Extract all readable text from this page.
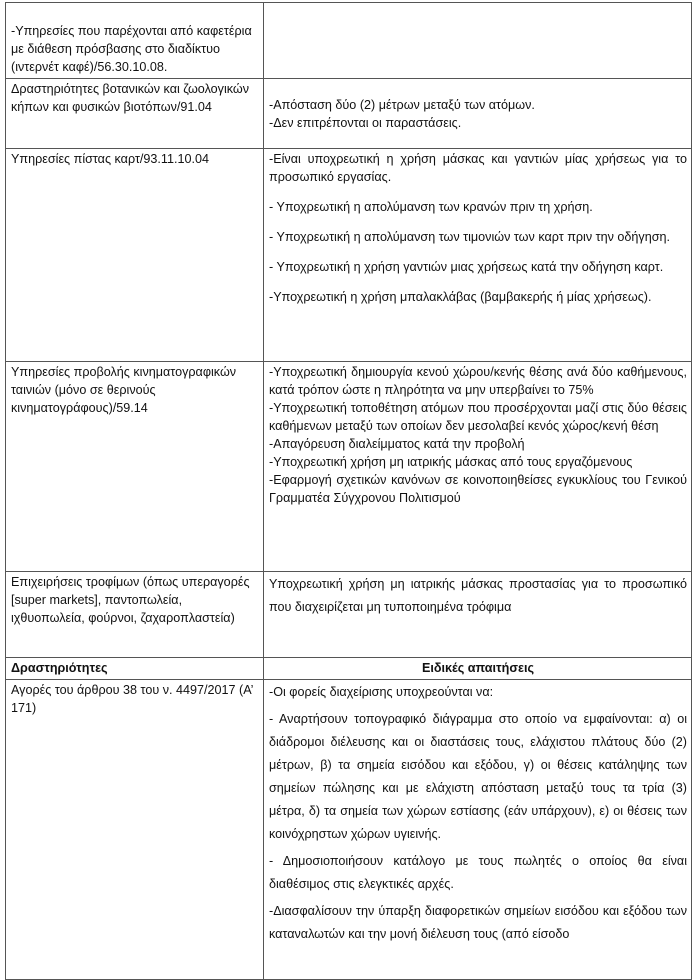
-Υπηρεσίες που παρέχονται από καφετέρια με διάθεση πρόσβασης στο διαδίκτυο (ιντερνέτ καφέ)/56.30.10.08.	
Δραστηριότητες βοτανικών και ζωολογικών κήπων και φυσικών βιοτόπων/91.04	-Απόσταση δύο (2) μέτρων μεταξύ των ατόμων.

-Δεν επιτρέπονται οι παραστάσεις.

Υπηρεσίες πίστας καρτ/93.11.10.04	-Είναι υποχρεωτική η χρήση μάσκας και γαντιών μίας χρήσεως για το προσωπικό εργασίας.

- Υποχρεωτική η απολύμανση των κρανών πριν τη χρήση.

- Υποχρεωτική η απολύμανση των τιμονιών των καρτ πριν την οδήγηση.

- Υποχρεωτική η χρήση γαντιών μιας χρήσεως κατά την οδήγηση καρτ.

-Υποχρεωτική η χρήση μπαλακλάβας (βαμβακερής ή μίας χρήσεως).

Υπηρεσίες προβολής κινηματογραφικών ταινιών (μόνο σε θερινούς κινηματογράφους)/59.14	-Υποχρεωτική δημιουργία κενού χώρου/κενής θέσης ανά δύο καθήμενους, κατά τρόπον ώστε η πληρότητα να μην υπερβαίνει το 75%

-Υποχρεωτική τοποθέτηση ατόμων που προσέρχονται μαζί στις δύο θέσεις καθήμενων μεταξύ των οποίων δεν μεσολαβεί κενός χώρος/κενή θέση

-Απαγόρευση διαλείμματος κατά την προβολή

-Υποχρεωτική χρήση μη ιατρικής μάσκας από τους εργαζόμενους

-Εφαρμογή σχετικών κανόνων σε κοινοποιηθείσες εγκυκλίους του Γενικού Γραμματέα Σύγχρονου Πολιτισμού

Επιχειρήσεις τροφίμων (όπως υπεραγορές [super markets], παντοπωλεία, ιχθυοπωλεία, φούρνοι, ζαχαροπλαστεία)	Υποχρεωτική χρήση μη ιατρικής μάσκας προστασίας για το προσωπικό που διαχειρίζεται μη τυποποιημένα τρόφιμα

Δραστηριότητες	Ειδικές απαιτήσεις
Αγορές του άρθρου 38 του ν. 4497/2017 (Α’ 171)	-Οι φορείς διαχείρισης υποχρεούνται να:

- Αναρτήσουν τοπογραφικό διάγραμμα στο οποίο να εμφαίνονται: α) οι διάδρομοι διέλευσης και οι διαστάσεις τους, ελάχιστου πλάτους δύο (2) μέτρων, β) τα σημεία εισόδου και εξόδου, γ) οι θέσεις κατάληψης των σημείων πώλησης και με ελάχιστη απόσταση μεταξύ τους τα τρία (3) μέτρα, δ) τα σημεία των χώρων εστίασης (εάν υπάρχουν), ε) οι θέσεις των κοινόχρηστων χώρων υγιεινής.

- Δημοσιοποιήσουν κατάλογο με τους πωλητές ο οποίος θα είναι διαθέσιμος στις ελεγκτικές αρχές.

-Διασφαλίσουν την ύπαρξη διαφορετικών σημείων εισόδου και εξόδου των καταναλωτών και την μονή διέλευση τους (από είσοδο
